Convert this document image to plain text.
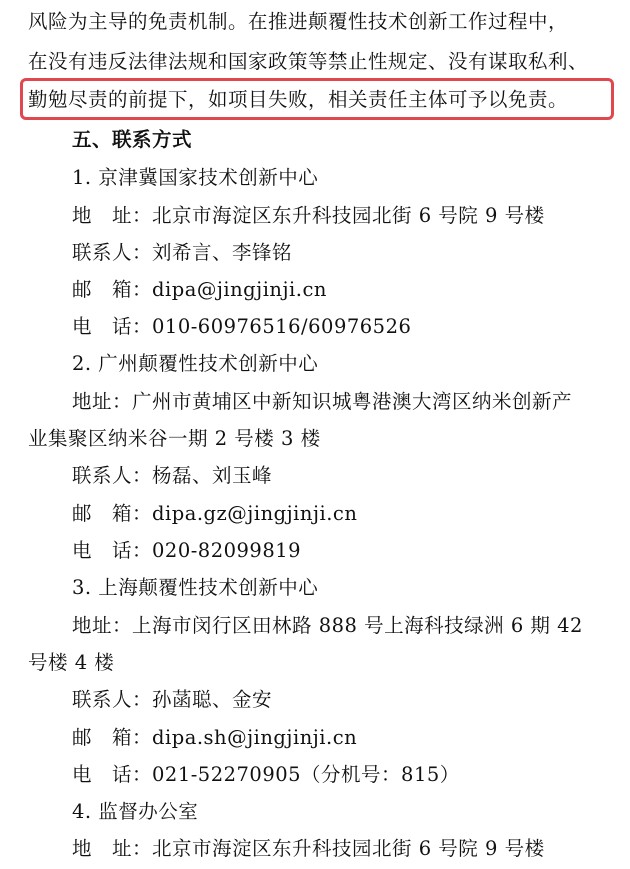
风险为主导的免责机制。在推进颠覆性技术创新工作过程中，
在没有违反法律法规和国家政策等禁止性规定、没有谋取私利、
勤勉尽责的前提下，如项目失败，相关责任主体可予以免责。
五、联系方式
1. 京津冀国家技术创新中心
地　址：北京市海淀区东升科技园北街 6 号院 9 号楼
联系人：刘希言、李锋铭
邮　箱：dipa@jingjinji.cn
电　话：010-60976516/60976526
2. 广州颠覆性技术创新中心
地址：广州市黄埔区中新知识城粤港澳大湾区纳米创新产
业集聚区纳米谷一期 2 号楼 3 楼
联系人：杨磊、刘玉峰
邮　箱：dipa.gz@jingjinji.cn
电　话：020-82099819
3. 上海颠覆性技术创新中心
地址：上海市闵行区田林路 888 号上海科技绿洲 6 期 42
号楼 4 楼
联系人：孙菡聪、金安
邮　箱：dipa.sh@jingjinji.cn
电　话：021-52270905（分机号：815）
4. 监督办公室
地　址：北京市海淀区东升科技园北街 6 号院 9 号楼
